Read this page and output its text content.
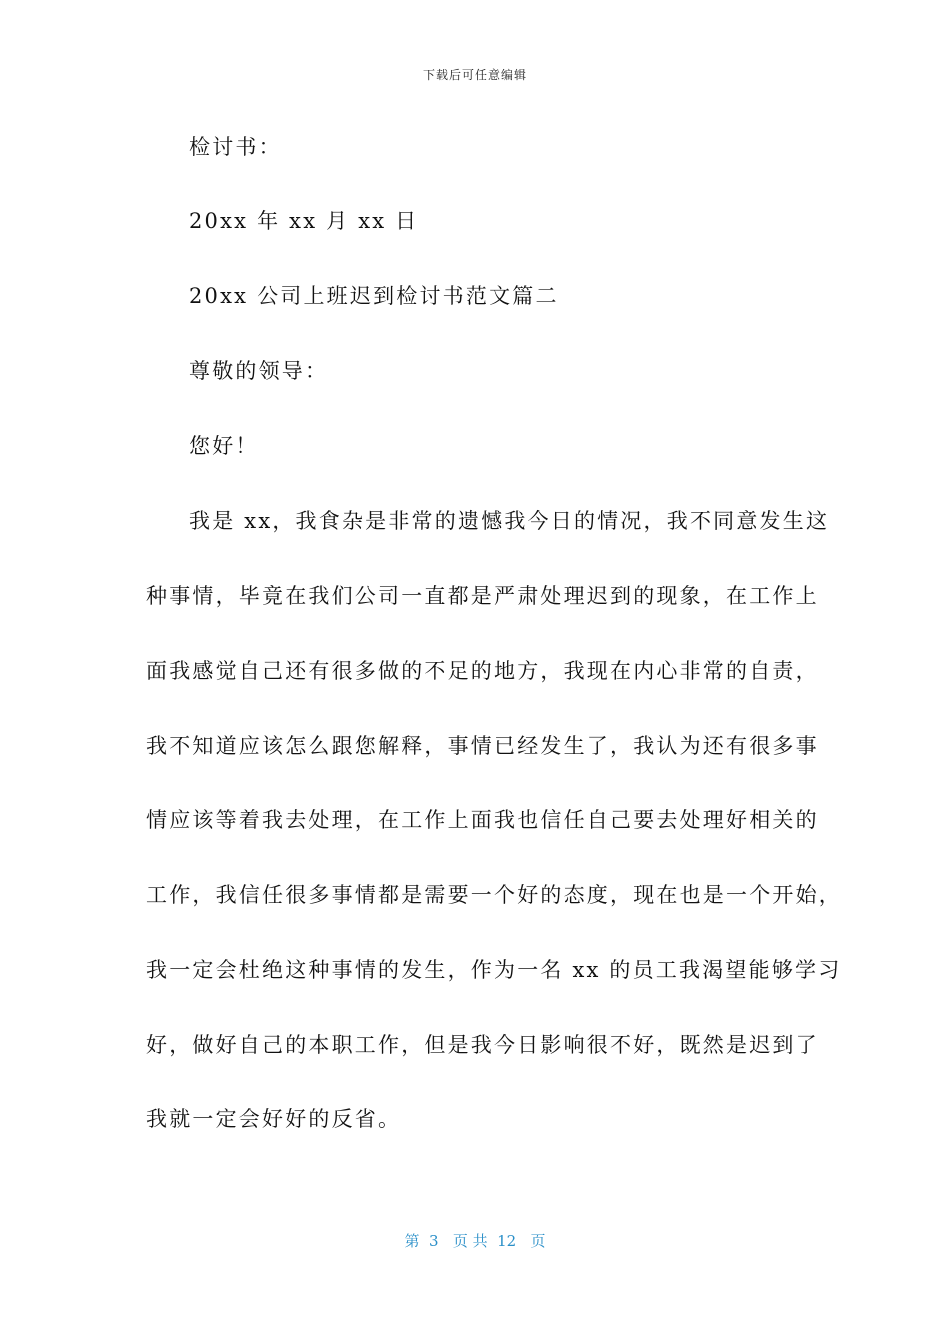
下载后可任意编辑
检讨书：
20xx 年 xx 月 xx 日
20xx 公司上班迟到检讨书范文篇二
尊敬的领导：
您好！
我是 xx，我食杂是非常的遗憾我今日的情况，我不同意发生这
种事情，毕竟在我们公司一直都是严肃处理迟到的现象，在工作上
面我感觉自己还有很多做的不足的地方，我现在内心非常的自责，
我不知道应该怎么跟您解释，事情已经发生了，我认为还有很多事
情应该等着我去处理，在工作上面我也信任自己要去处理好相关的
工作，我信任很多事情都是需要一个好的态度，现在也是一个开始，
我一定会杜绝这种事情的发生，作为一名 xx 的员工我渴望能够学习
好，做好自己的本职工作，但是我今日影响很不好，既然是迟到了
我就一定会好好的反省。
第  3   页 共  12   页
